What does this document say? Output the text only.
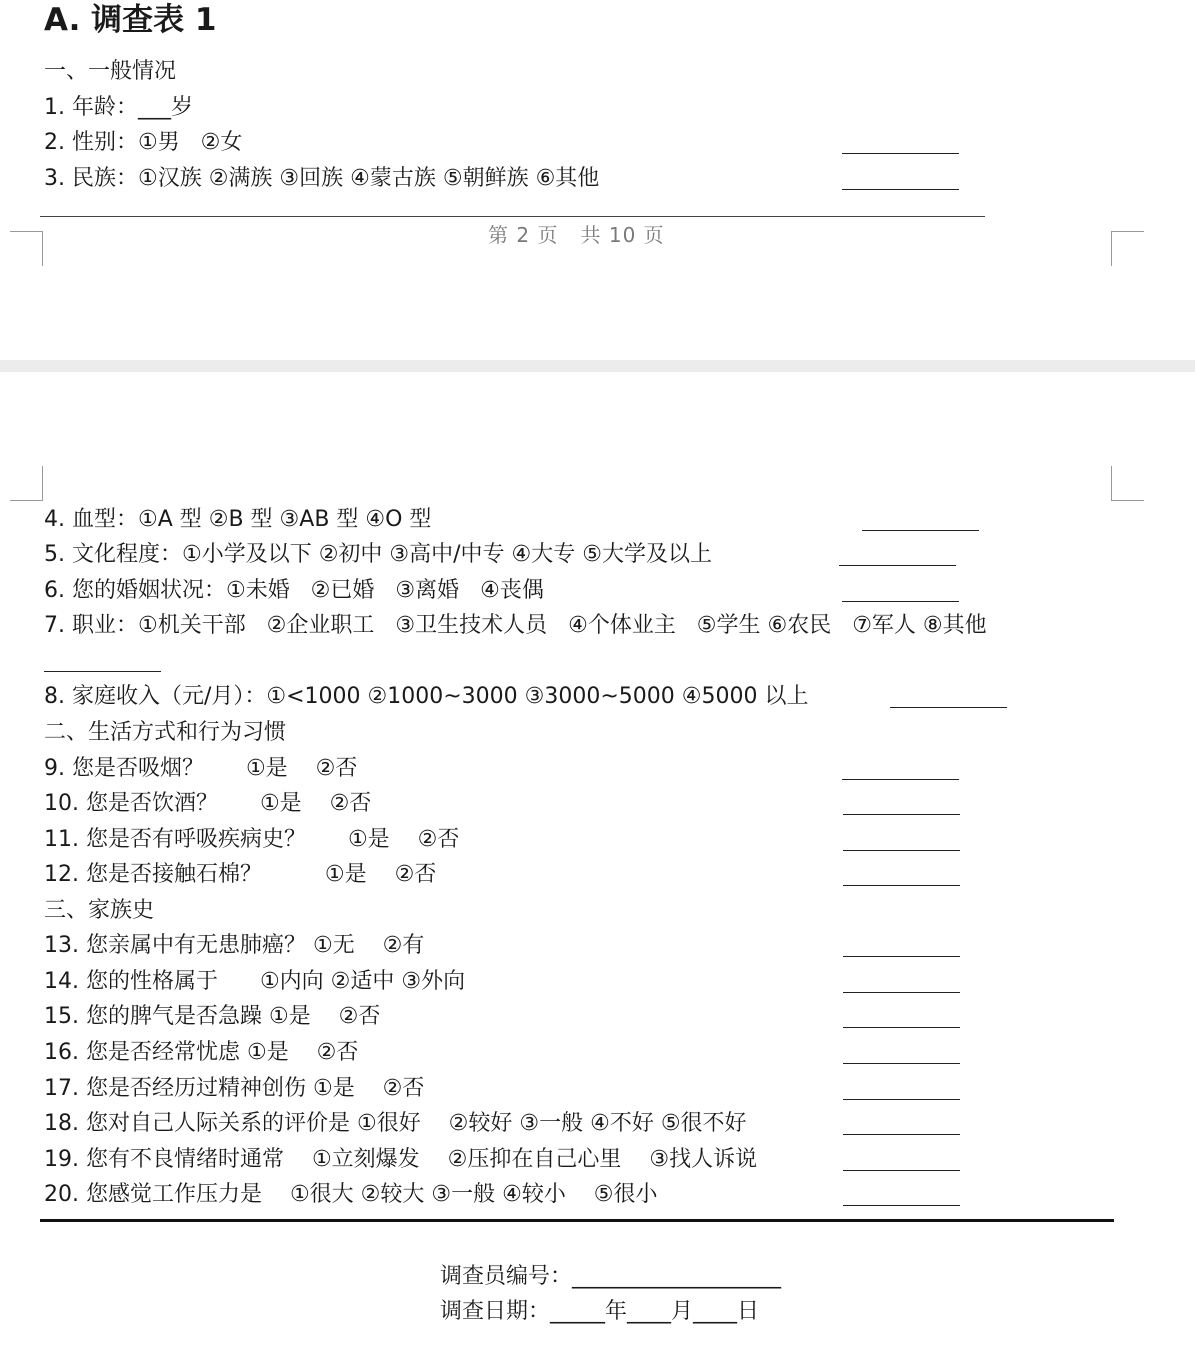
A. 调查表 1
一、一般情况
1. 年龄：___岁
2. 性别：①男   ②女
3. 民族：①汉族 ②满族 ③回族 ④蒙古族 ⑤朝鲜族 ⑥其他
第 2 页   共 10 页
4. 血型：①A 型 ②B 型 ③AB 型 ④O 型
5. 文化程度：①小学及以下 ②初中 ③高中/中专 ④大专 ⑤大学及以上
6. 您的婚姻状况：①未婚   ②已婚   ③离婚   ④丧偶
7. 职业：①机关干部   ②企业职工   ③卫生技术人员   ④个体业主   ⑤学生 ⑥农民   ⑦军人 ⑧其他
8. 家庭收入（元/月）：①<1000 ②1000~3000 ③3000~5000 ④5000 以上
二、生活方式和行为习惯
9. 您是否吸烟？      ①是    ②否
10. 您是否饮酒？      ①是    ②否
11. 您是否有呼吸疾病史？      ①是    ②否
12. 您是否接触石棉？         ①是    ②否
三、家族史
13. 您亲属中有无患肺癌？ ①无    ②有
14. 您的性格属于      ①内向 ②适中 ③外向
15. 您的脾气是否急躁 ①是    ②否
16. 您是否经常忧虑 ①是    ②否
17. 您是否经历过精神创伤 ①是    ②否
18. 您对自己人际关系的评价是 ①很好    ②较好 ③一般 ④不好 ⑤很不好
19. 您有不良情绪时通常    ①立刻爆发    ②压抑在自己心里    ③找人诉说
20. 您感觉工作压力是    ①很大 ②较大 ③一般 ④较小    ⑤很小
调查员编号：___________________
调查日期：_____年____月____日
